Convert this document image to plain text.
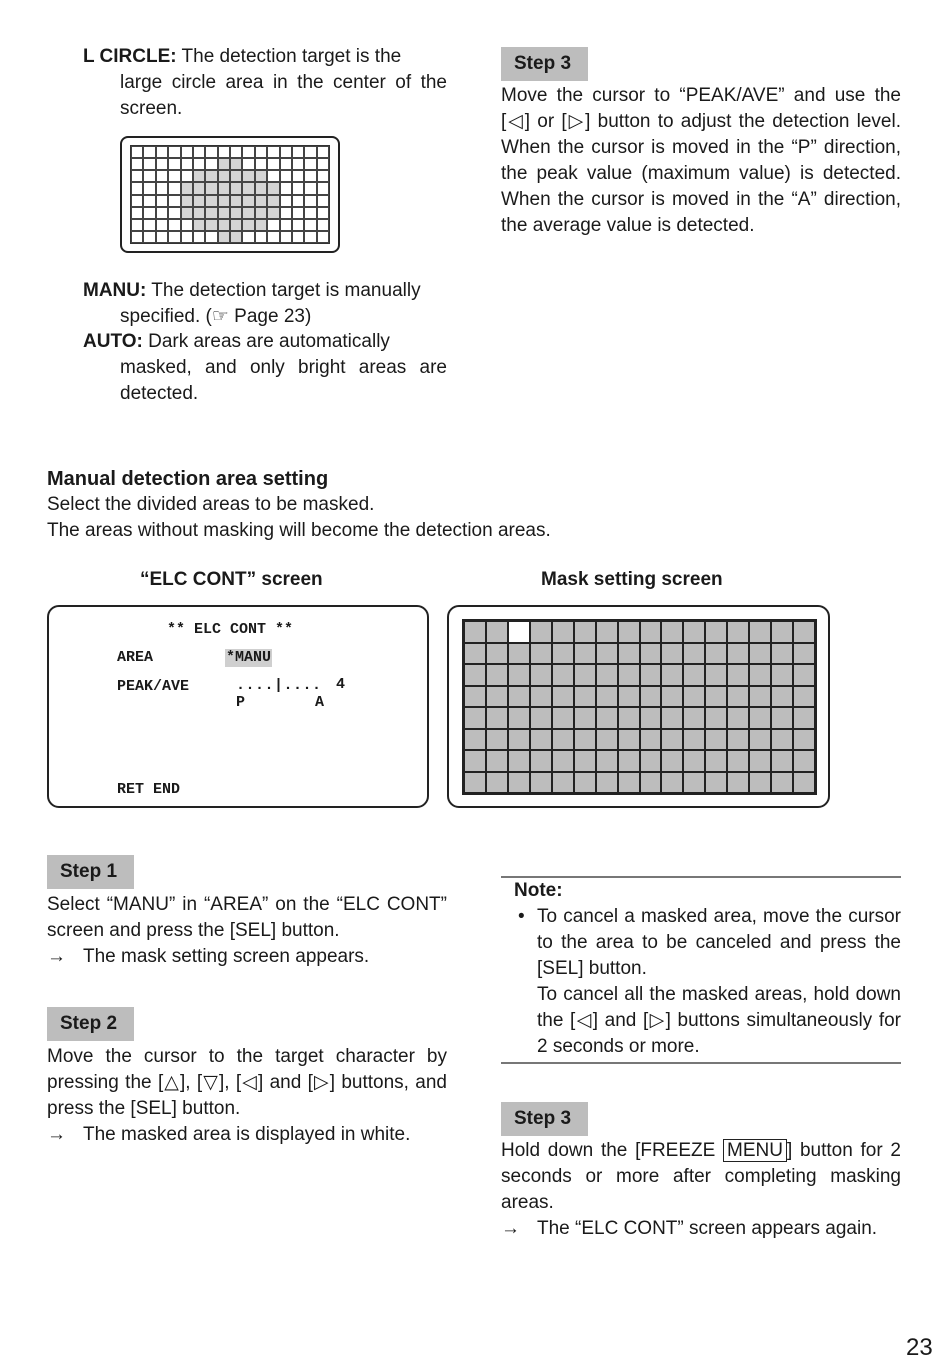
L CIRCLE: The detection target is the
large circle area in the center of the screen.
MANU: The detection target is manually
specified. (☞ Page 23)
AUTO: Dark areas are automatically
masked, and only bright areas are detected.
Step 3
Move the cursor to “PEAK/AVE” and use the [◁] or [▷] button to adjust the detection level. When the cursor is moved in the “P” direction, the peak value (maximum value) is detected. When the cursor is moved in the “A” direction, the average value is detected.
Manual detection area setting
Select the divided areas to be masked.
The areas without masking will become the detection areas.
“ELC CONT” screen	Mask setting screen
** ELC CONT **
AREA	*MANU
PEAK/AVE	....|.... 4
P	A
RET END
Step 1
Select “MANU” in “AREA” on the “ELC CONT” screen and press the [SEL] button.
→ The mask setting screen appears.
Step 2
Move the cursor to the target character by pressing the [△], [▽], [◁] and [▷] buttons, and press the [SEL] button.
→ The masked area is displayed in white.
Note:
• To cancel a masked area, move the cursor to the area to be canceled and press the [SEL] button.
To cancel all the masked areas, hold down the [◁] and [▷] buttons simultaneously for 2 seconds or more.
Step 3
Hold down the [FREEZE MENU ] button for 2 seconds or more after completing masking areas.
→ The “ELC CONT” screen appears again.
23
